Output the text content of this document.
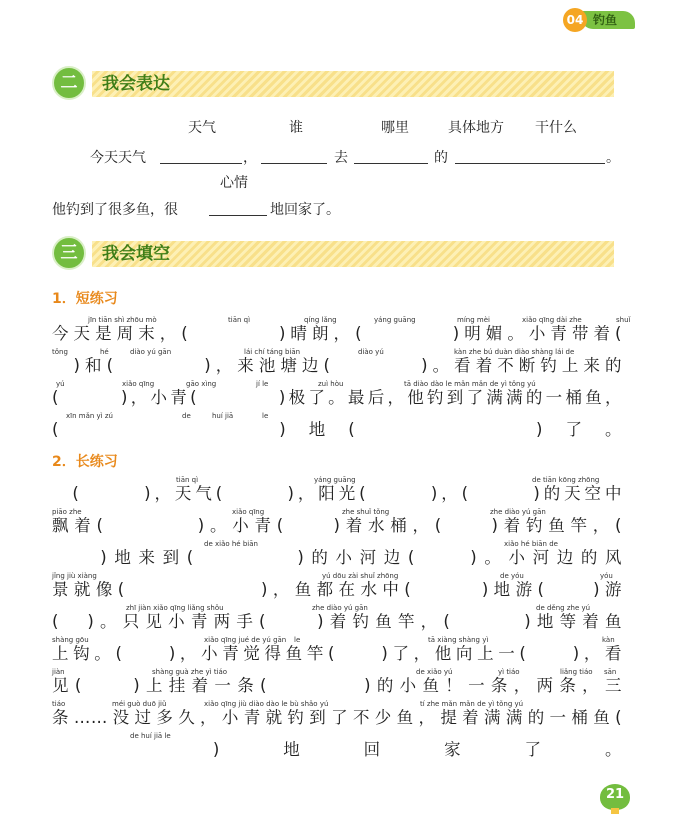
04 钓鱼
二	我会表达
天气	谁	哪里	具体地方 干什么
今天天气	，	去	的	。
心情
他钓到了很多鱼，很	地回家了。
三	我会填空
1．短练习
jīn tiān shì zhōu mò	tiān qì	qíng lǎng	yáng guāng	míng mèi	xiǎo qīng dài zhe	shuǐ
今天是周末，(　　　　)晴朗，(　　　　)明媚。小青带着(
tǒng	hé	diào yú gān	lái chí táng biān	diào yú	kàn zhe bú duàn diào shàng lái de
　)和(　　　　)，来池塘边(　　　　)。看着不断钓上来的
yú	xiǎo qīng	gāo xìng	jí le	zuì hòu	tā diào dào le mǎn mǎn de yì tǒng yú
(　　　)，小青(　　　　)极了。最后，他钓到了满满的一桶鱼，
xīn mǎn yì zú	de	huí jiā	le
(　　　　　)地(　　　　)了。
2．长练习
tiān qì	yáng guāng	de tiān kōng zhōng
　(　　　)，天气(　　　)，阳光(　　　)，(　　　)的天空中
piāo zhe	xiǎo qīng	zhe shuǐ tǒng	zhe diào yú gān
飘着(　　　　)。小青(　　)着水桶，(　　)着钓鱼竿，(
de xiǎo hé biān	xiǎo hé biān de
　　)地来到(　　　　)的小河边(　　)。小河边的风
jǐng jiù xiàng	yú dōu zài shuǐ zhōng	de yóu	yóu
景就像(　　　　　　)，鱼都在水中(　　　)地游(　　)游
zhī jiàn xiǎo qīng liǎng shǒu	zhe diào yú gān	de děng zhe yú
(　)。只见小青两手(　　)着钓鱼竿，(　　　)地等着鱼
shàng gōu	xiǎo qīng jué de yú gān le	tā xiàng shàng yì	kàn
上钩。(　　)，小青觉得鱼竿(　　)了，他向上一(　　)，看
jiàn	shàng guà zhe yì tiáo	de xiǎo yú	yì tiáo	liǎng tiáo sān
见(　　)上挂着一条(　　　　)的小鱼！一条，两条，三
tiáo	méi guò duō jiǔ	xiǎo qīng jiù diào dào le bù shǎo yú	tí zhe mǎn mǎn de yì tǒng yú
条……没过多久，小青就钓到了不少鱼，提着满满的一桶鱼(
de huí jiā le
　　)地回家了。
21
